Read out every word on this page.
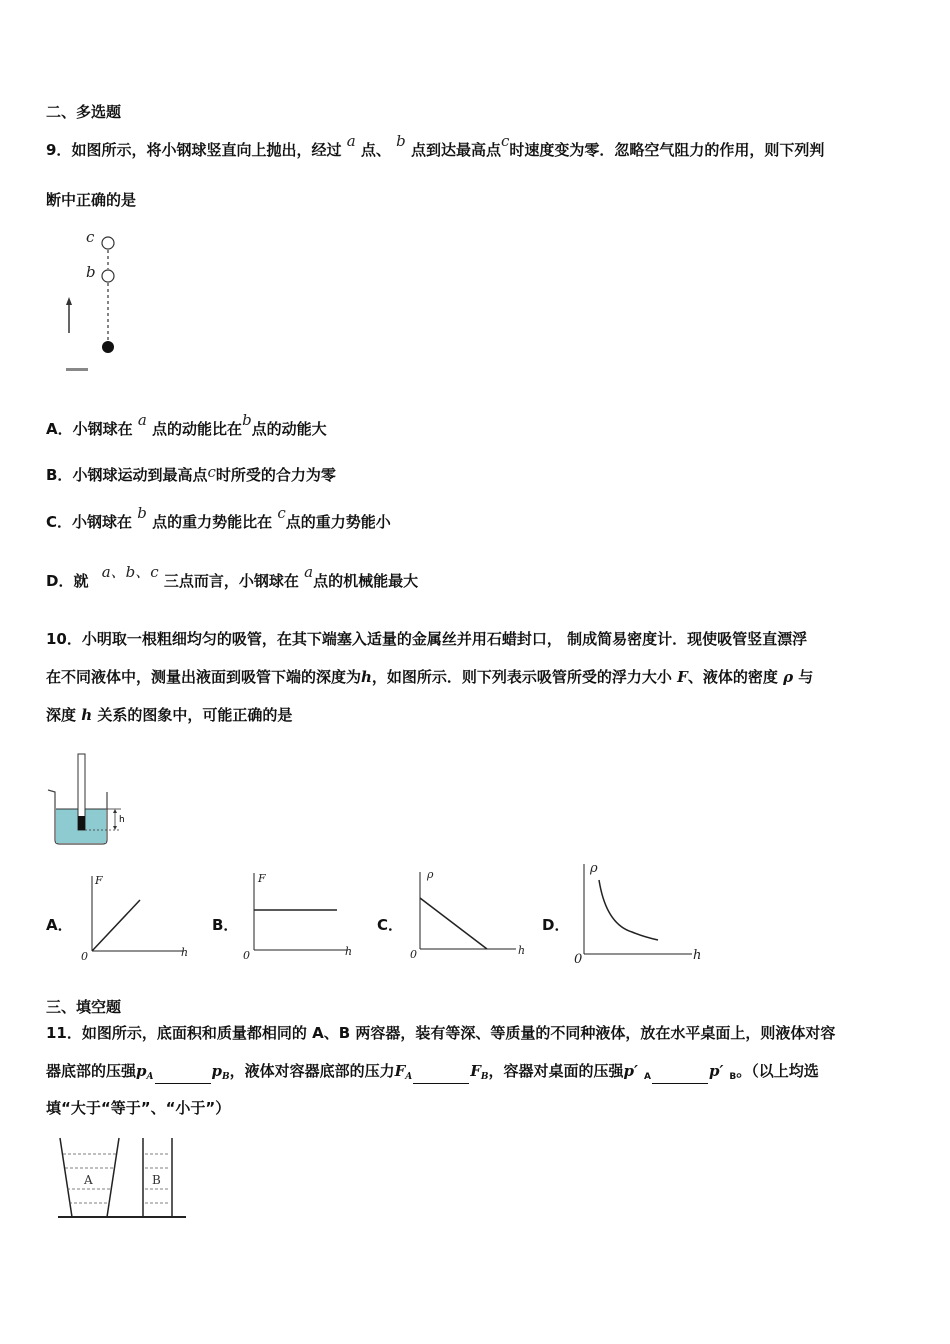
二、多选题
9．如图所示，将小钢球竖直向上抛出，经过 a 点、 b 点到达最高点c时速度变为零．忽略空气阻力的作用，则下列判
断中正确的是
c
b
A．小钢球在 a 点的动能比在b点的动能大
B．小钢球运动到最高点c时所受的合力为零
C．小钢球在 b 点的重力势能比在 c点的重力势能小
D．就 a、b、c 三点而言，小钢球在 a点的机械能最大
10．小明取一根粗细均匀的吸管，在其下端塞入适量的金属丝并用石蜡封口， 制成简易密度计．现使吸管竖直漂浮
在不同液体中，测量出液面到吸管下端的深度为h，如图所示．则下列表示吸管所受的浮力大小 F、液体的密度 ρ 与
深度 h 关系的图象中，可能正确的是
h
A．
F
h
0
B．
F
h
0
C．
ρ
h
0
D．
ρ
h
0
三、填空题
11．如图所示，底面积和质量都相同的 A、B 两容器，装有等深、等质量的不同种液体，放在水平桌面上，则液体对容
器底部的压强$p_A$	$p_B$，液体对容器底部的压力$F_A$	$F_B$，容器对桌面的压强p′ $_A$	p′ $_B$。（以上均选
填“大于“等于”、“小于”）
A	B
